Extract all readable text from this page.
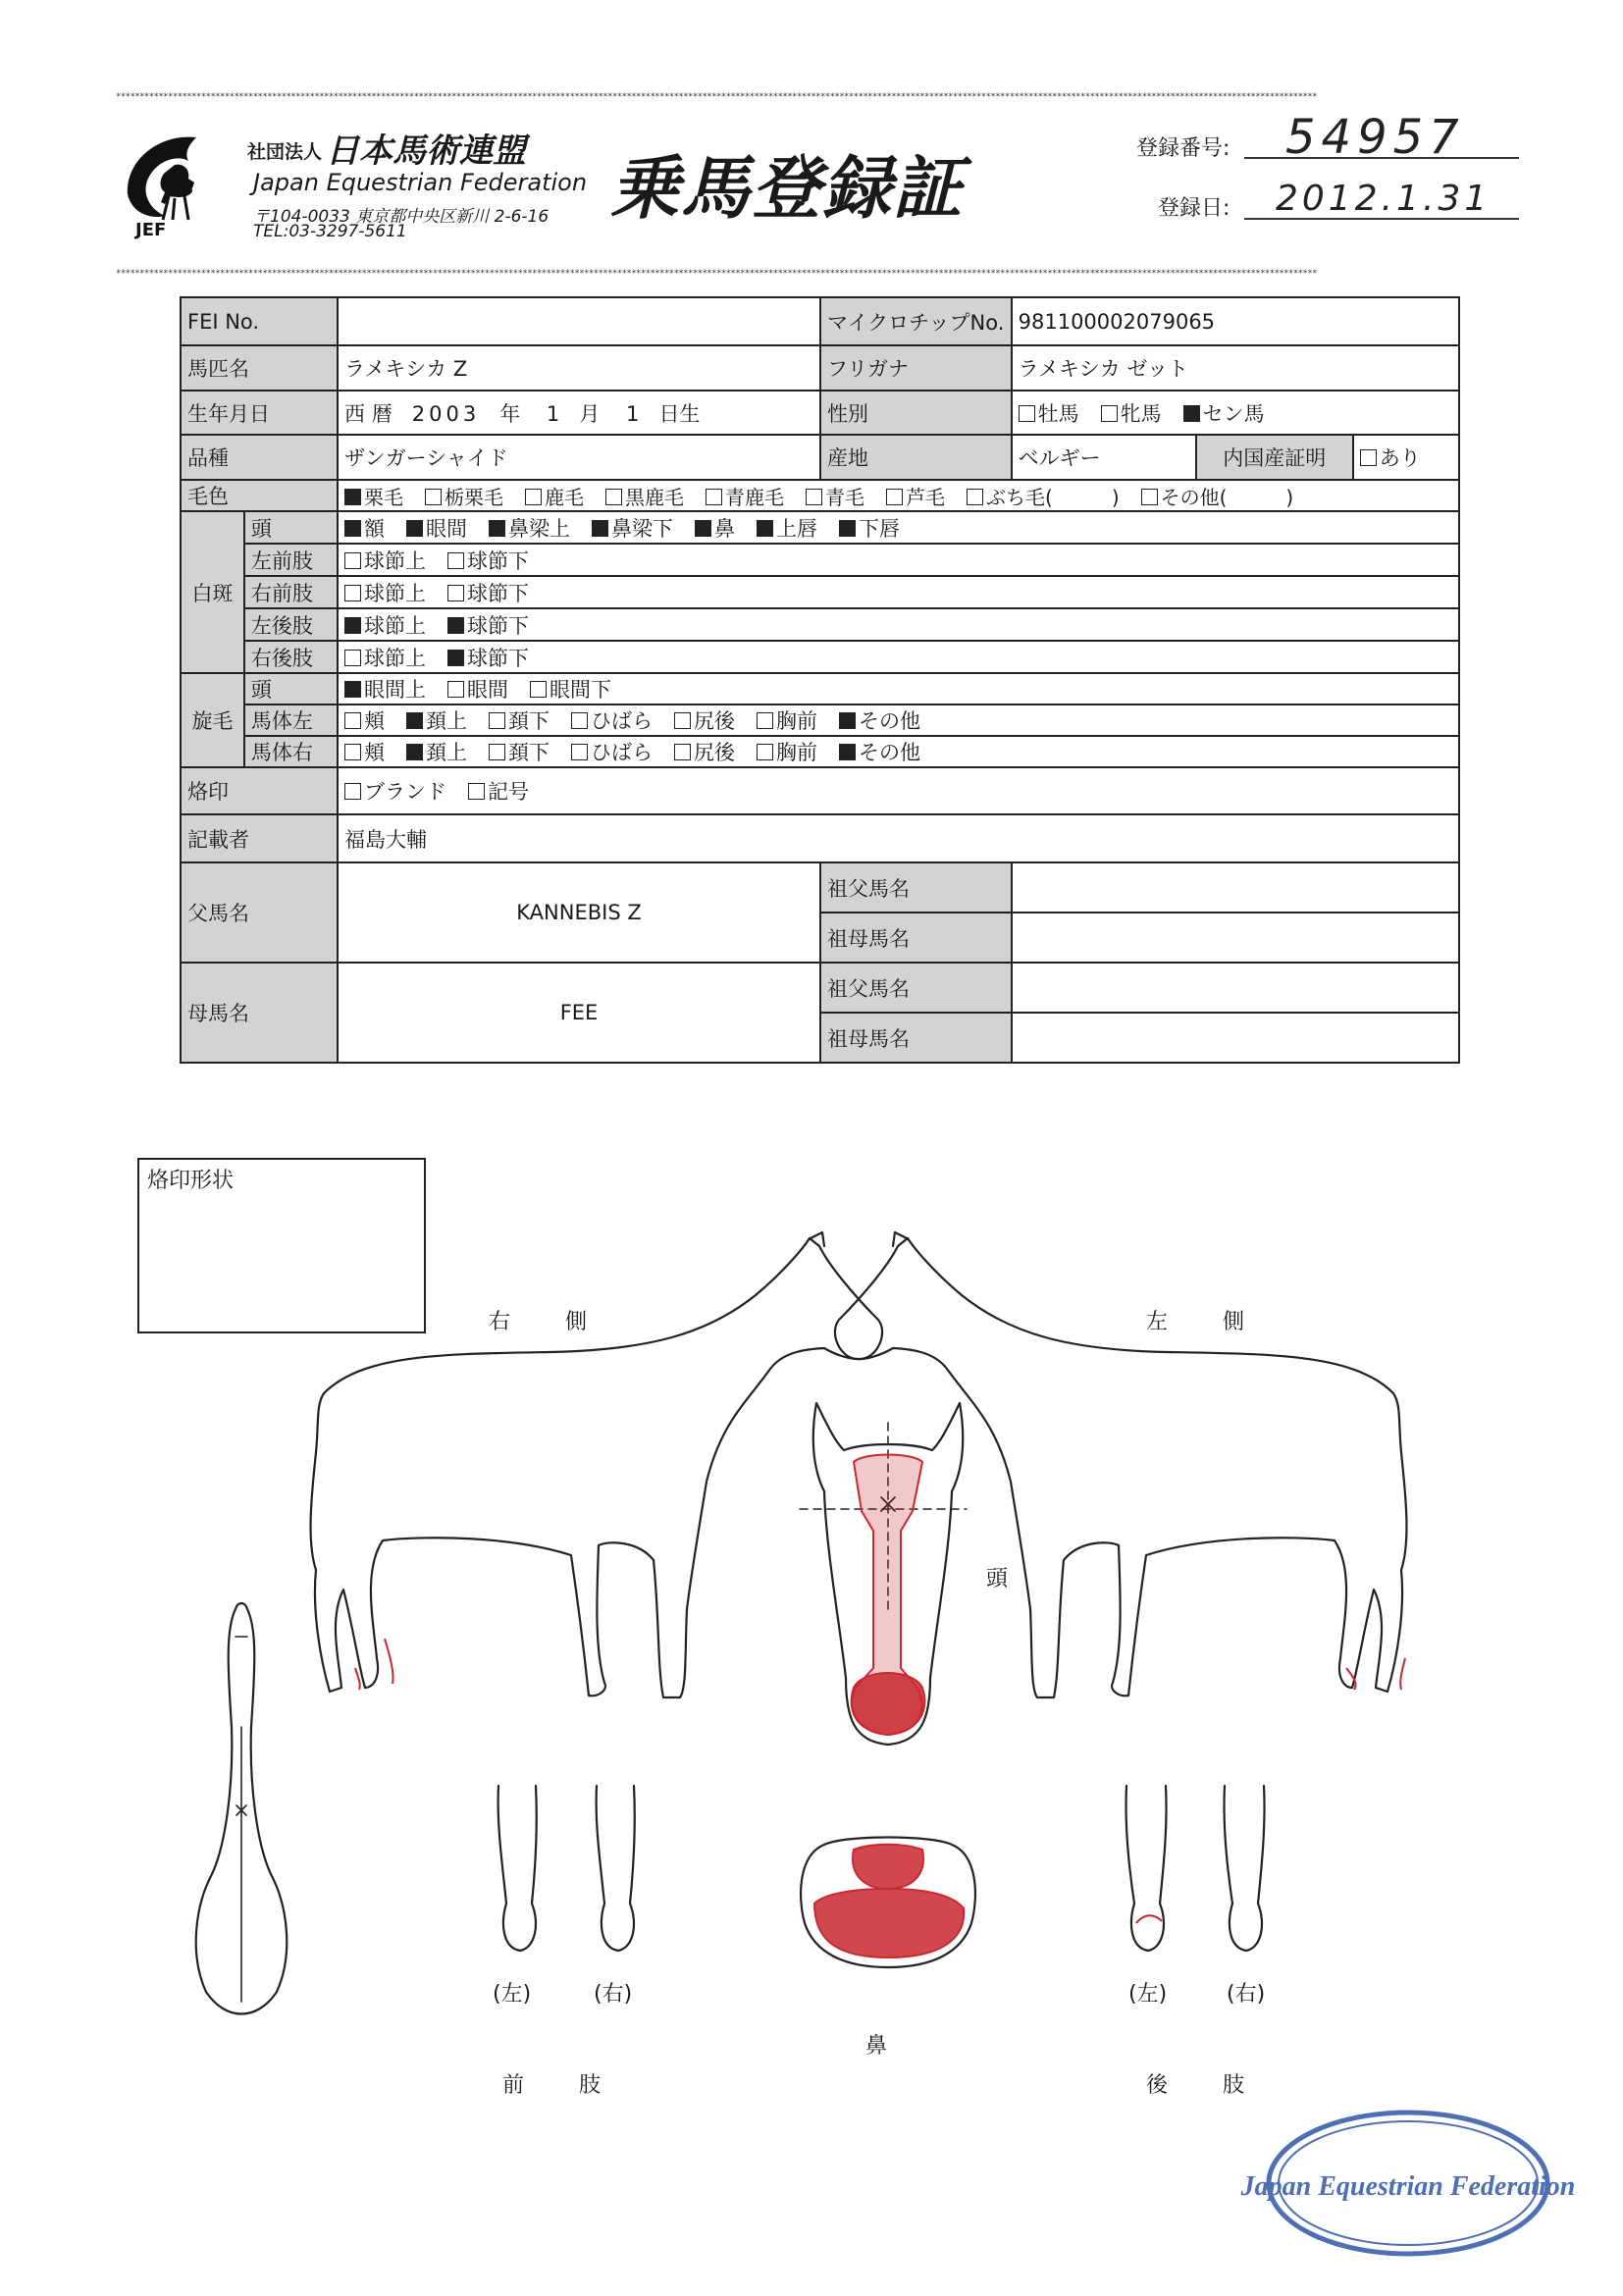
**************************************************************************************************************************************************************************************************************************************************************
**************************************************************************************************************************************************************************************************************************************************************
JEF
社団法人 日本馬術連盟
Japan Equestrian Federation
〒104-0033 東京都中央区新川 2-6-16
TEL:03-3297-5611
乗馬登録証	登録番号: 54957
登録日: 2012.1.31
FEI No.			マイクロチップNo.	981100002079065		
馬匹名		ラメキシカ Z	フリガナ	ラメキシカ ゼット		
生年月日		西 暦 2003 年 1 月 1 日生	性別	牡馬 牝馬 セン馬		
品種		ザンガーシャイド	産地	ベルギー	内国産証明	あり
毛色		栗毛 栃栗毛 鹿毛 黒鹿毛 青鹿毛 青毛 芦毛 ぶち毛(　　　) その他(　　　)				
白斑	頭	額 眼間 鼻梁上 鼻梁下 鼻 上唇 下唇				
	左前肢	球節上 球節下				
	右前肢	球節上 球節下				
	左後肢	球節上 球節下				
	右後肢	球節上 球節下				
旋毛	頭	眼間上 眼間 眼間下				
	馬体左	頬 頚上 頚下 ひばら 尻後 胸前 その他				
	馬体右	頬 頚上 頚下 ひばら 尻後 胸前 その他				
烙印		ブランド 記号				
記載者		福島大輔				
父馬名		KANNEBIS Z	祖父馬名			
			祖母馬名			
母馬名		FEE	祖父馬名			
			祖母馬名			
烙印形状
右　　側	左　　側
頭
鼻
(左)	(右)
前　　肢
(左)	(右)
後　　肢
Japan Equestrian Federation
